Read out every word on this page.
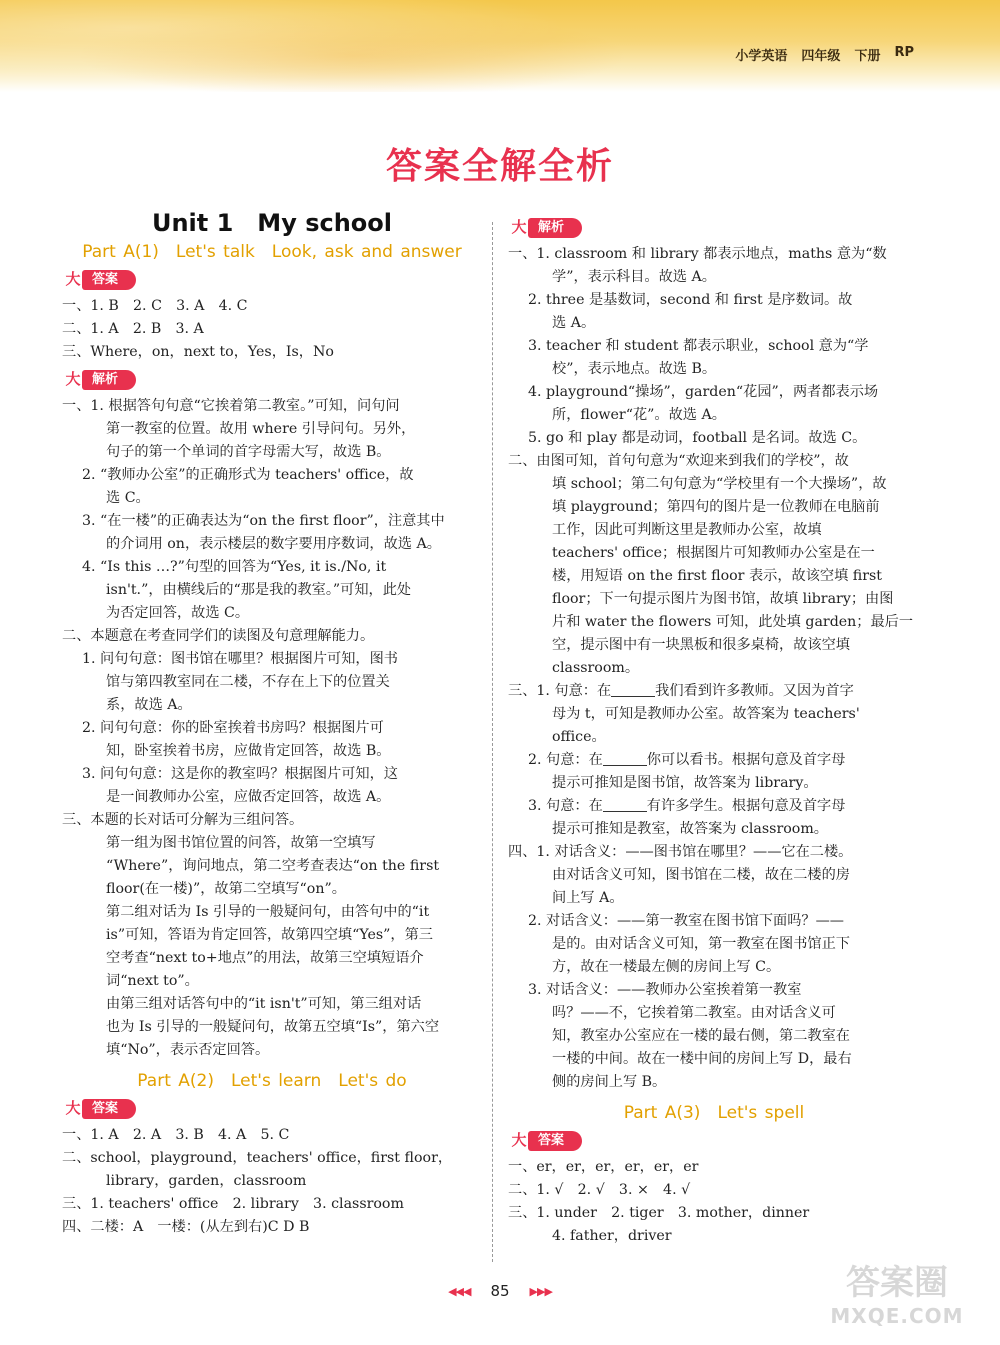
小学英语 四年级 下册 RP
答案全解全析
Unit 1　My school
Part A(1)　Let's talk　Look, ask and answer
大 答案
一、1. B　2. C　3. A　4. C
二、1. A　2. B　3. A
三、Where，on，next to，Yes，Is，No
大 解析
一、1. 根据答句句意“它挨着第二教室。”可知，问句问
第一教室的位置。故用 where 引导问句。另外，
句子的第一个单词的首字母需大写，故选 B。
2. “教师办公室”的正确形式为 teachers' office，故
选 C。
3. “在一楼”的正确表达为“on the first floor”，注意其中
的介词用 on，表示楼层的数字要用序数词，故选 A。
4. “Is this …?”句型的回答为“Yes, it is./No, it
isn't.”，由横线后的“那是我的教室。”可知，此处
为否定回答，故选 C。
二、本题意在考查同学们的读图及句意理解能力。
1. 问句句意：图书馆在哪里？根据图片可知，图书
馆与第四教室同在二楼，不存在上下的位置关
系，故选 A。
2. 问句句意：你的卧室挨着书房吗？根据图片可
知，卧室挨着书房，应做肯定回答，故选 B。
3. 问句句意：这是你的教室吗？根据图片可知，这
是一间教师办公室，应做否定回答，故选 A。
三、本题的长对话可分解为三组问答。
第一组为图书馆位置的问答，故第一空填写
“Where”，询问地点，第二空考查表达“on the first
floor(在一楼)”，故第二空填写“on”。
第二组对话为 Is 引导的一般疑问句，由答句中的“it
is”可知，答语为肯定回答，故第四空填“Yes”，第三
空考查“next to+地点”的用法，故第三空填短语介
词“next to”。
由第三组对话答句中的“it isn't”可知，第三组对话
也为 Is 引导的一般疑问句，故第五空填“Is”，第六空
填“No”，表示否定回答。
Part A(2)　Let's learn　Let's do
大 答案
一、1. A　2. A　3. B　4. A　5. C
二、school，playground，teachers' office，first floor，
library，garden，classroom
三、1. teachers' office　2. library　3. classroom
四、二楼：A　一楼：(从左到右)C D B
大 解析
一、1. classroom 和 library 都表示地点，maths 意为“数
学”，表示科目。故选 A。
2. three 是基数词，second 和 first 是序数词。故
选 A。
3. teacher 和 student 都表示职业，school 意为“学
校”，表示地点。故选 B。
4. playground“操场”，garden“花园”，两者都表示场
所，flower“花”。故选 A。
5. go 和 play 都是动词，football 是名词。故选 C。
二、由图可知，首句句意为“欢迎来到我们的学校”，故
填 school；第二句句意为“学校里有一个大操场”，故
填 playground；第四句的图片是一位教师在电脑前
工作，因此可判断这里是教师办公室，故填
teachers' office；根据图片可知教师办公室是在一
楼，用短语 on the first floor 表示，故该空填 first
floor；下一句提示图片为图书馆，故填 library；由图
片和 water the flowers 可知，此处填 garden；最后一
空，提示图中有一块黑板和很多桌椅，故该空填
classroom。
三、1. 句意：在	我们看到许多教师。又因为首字
母为 t，可知是教师办公室。故答案为 teachers'
office。
2. 句意：在	你可以看书。根据句意及首字母
提示可推知是图书馆，故答案为 library。
3. 句意：在	有许多学生。根据句意及首字母
提示可推知是教室，故答案为 classroom。
四、1. 对话含义：——图书馆在哪里？——它在二楼。
由对话含义可知，图书馆在二楼，故在二楼的房
间上写 A。
2. 对话含义：——第一教室在图书馆下面吗？——
是的。由对话含义可知，第一教室在图书馆正下
方，故在一楼最左侧的房间上写 C。
3. 对话含义：——教师办公室挨着第一教室
吗？——不，它挨着第二教室。由对话含义可
知，教室办公室应在一楼的最右侧，第二教室在
一楼的中间。故在一楼中间的房间上写 D，最右
侧的房间上写 B。
Part A(3)　Let's spell
大 答案
一、er，er，er，er，er，er
二、1. √　2. √　3. ×　4. √
三、1. under　2. tiger　3. mother，dinner
4. father，driver
◀◀◀ 85 ▶▶▶	答案圈
MXQE.COM
